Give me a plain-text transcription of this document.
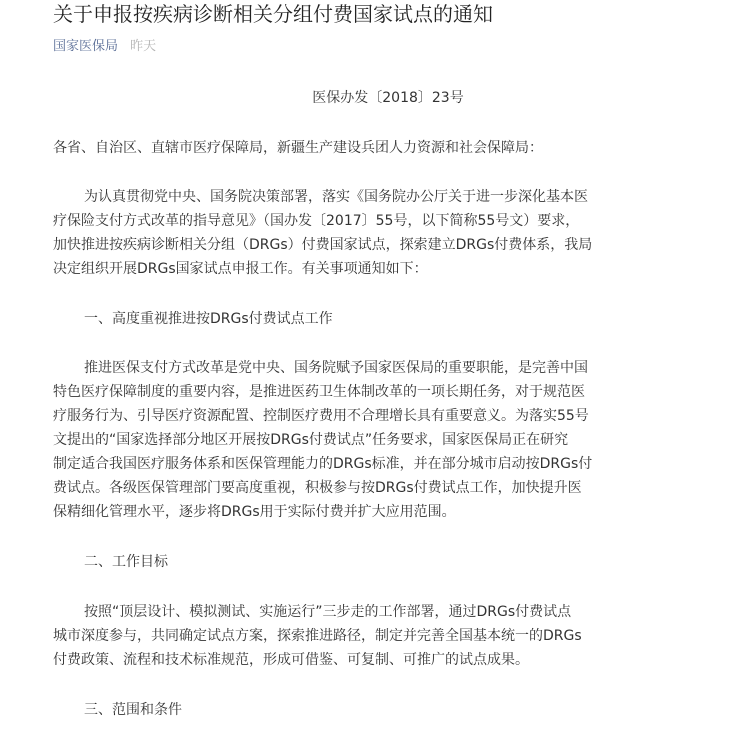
关于申报按疾病诊断相关分组付费国家试点的通知
国家医保局 昨天
医保办发〔2018〕23号
各省、自治区、直辖市医疗保障局，新疆生产建设兵团人力资源和社会保障局：
为认真贯彻党中央、国务院决策部署，落实《国务院办公厅关于进一步深化基本医
疗保险支付方式改革的指导意见》（国办发〔2017〕55号，以下简称55号文）要求，
加快推进按疾病诊断相关分组（DRGs）付费国家试点，探索建立DRGs付费体系，我局
决定组织开展DRGs国家试点申报工作。有关事项通知如下：
一、高度重视推进按DRGs付费试点工作
推进医保支付方式改革是党中央、国务院赋予国家医保局的重要职能，是完善中国
特色医疗保障制度的重要内容，是推进医药卫生体制改革的一项长期任务，对于规范医
疗服务行为、引导医疗资源配置、控制医疗费用不合理增长具有重要意义。为落实55号
文提出的“国家选择部分地区开展按DRGs付费试点”任务要求，国家医保局正在研究
制定适合我国医疗服务体系和医保管理能力的DRGs标准，并在部分城市启动按DRGs付
费试点。各级医保管理部门要高度重视，积极参与按DRGs付费试点工作，加快提升医
保精细化管理水平，逐步将DRGs用于实际付费并扩大应用范围。
二、工作目标
按照“顶层设计、模拟测试、实施运行”三步走的工作部署，通过DRGs付费试点
城市深度参与，共同确定试点方案，探索推进路径，制定并完善全国基本统一的DRGs
付费政策、流程和技术标准规范，形成可借鉴、可复制、可推广的试点成果。
三、范围和条件
